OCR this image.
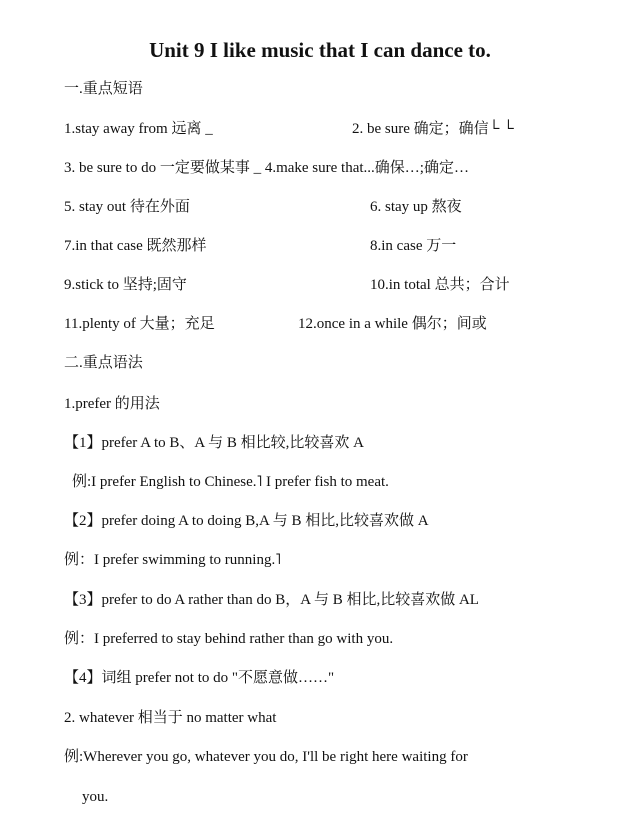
Unit 9 I like music that I can dance to.
一.重点短语
1.stay away from 远离 _	2. be sure 确定；确信└ └
3. be sure to do 一定要做某事 _ 4.make sure that...确保…;确定…
5. stay out 待在外面	6. stay up 熬夜
7.in that case 既然那样	8.in case 万一
9.stick to 坚持;固守	10.in total 总共；合计
11.plenty of 大量；充足	12.once in a while 偶尔；间或
二.重点语法
1.prefer 的用法
【1】prefer A to B、A 与 B 相比较,比较喜欢 A
例:I prefer English to Chinese.˥ I prefer fish to meat.
【2】prefer doing A to doing B,A 与 B 相比,比较喜欢做 A
例：I prefer swimming to running.˥
【3】prefer to do A rather than do B，A 与 B 相比,比较喜欢做 AL
例：I preferred to stay behind rather than go with you.
【4】词组 prefer not to do "不愿意做……"
2. whatever 相当于 no matter what
例:Wherever you go, whatever you do, I'll be right here waiting for
you.
